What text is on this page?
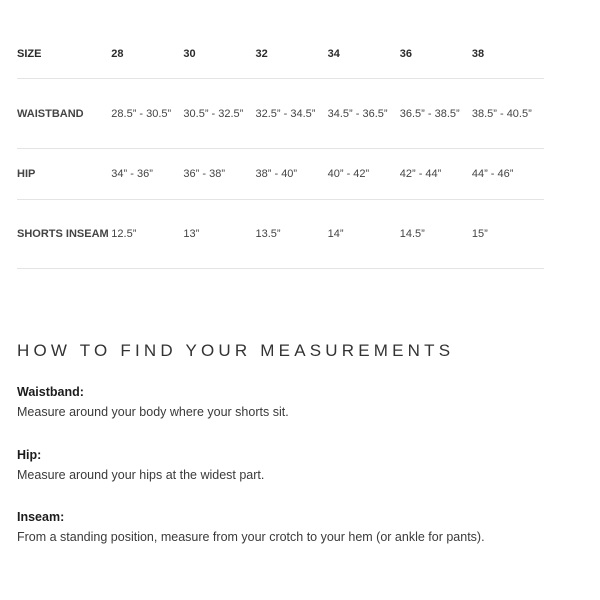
SIZE	28	30	32	34	36	38
WAISTBAND	28.5” - 30.5”	30.5” - 32.5”	32.5” - 34.5”	34.5” - 36.5”	36.5” - 38.5”	38.5” - 40.5”
HIP	34” - 36”	36” - 38”	38” - 40”	40” - 42”	42” - 44”	44” - 46”
SHORTS INSEAM	12.5”	13”	13.5”	14”	14.5”	15”
HOW TO FIND YOUR MEASUREMENTS
Waistband:
Measure around your body where your shorts sit.
Hip:
Measure around your hips at the widest part.
Inseam:
From a standing position, measure from your crotch to your hem (or ankle for pants).
